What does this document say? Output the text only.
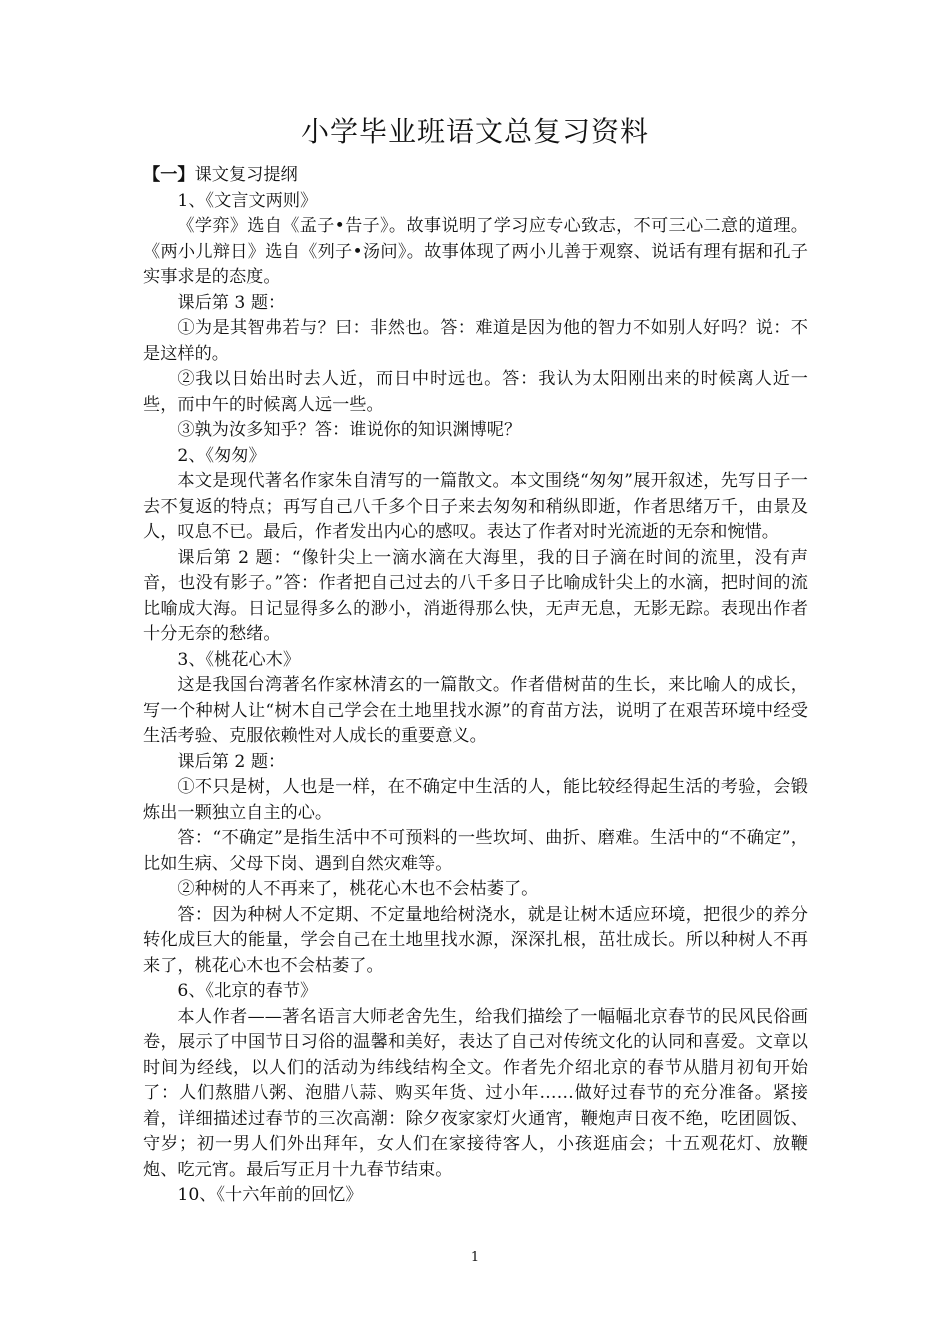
小学毕业班语文总复习资料

【一】课文复习提纲

1、《文言文两则》

《学弈》选自《孟子•告子》。故事说明了学习应专心致志，不可三心二意的道理。《两小儿辩日》选自《列子•汤问》。故事体现了两小儿善于观察、说话有理有据和孔子实事求是的态度。

课后第 3 题：

①为是其智弗若与？曰：非然也。答：难道是因为他的智力不如别人好吗？说：不是这样的。

②我以日始出时去人近，而日中时远也。答：我认为太阳刚出来的时候离人近一些，而中午的时候离人远一些。

③孰为汝多知乎？答：谁说你的知识渊博呢？

2、《匆匆》

本文是现代著名作家朱自清写的一篇散文。本文围绕“匆匆”展开叙述，先写日子一去不复返的特点；再写自己八千多个日子来去匆匆和稍纵即逝，作者思绪万千，由景及人，叹息不已。最后，作者发出内心的感叹。表达了作者对时光流逝的无奈和惋惜。

课后第 2 题：“像针尖上一滴水滴在大海里，我的日子滴在时间的流里，没有声音，也没有影子。”答：作者把自己过去的八千多日子比喻成针尖上的水滴，把时间的流比喻成大海。日记显得多么的渺小，消逝得那么快，无声无息，无影无踪。表现出作者十分无奈的愁绪。

3、《桃花心木》

这是我国台湾著名作家林清玄的一篇散文。作者借树苗的生长，来比喻人的成长，写一个种树人让“树木自己学会在土地里找水源”的育苗方法，说明了在艰苦环境中经受生活考验、克服依赖性对人成长的重要意义。

课后第 2 题：

①不只是树，人也是一样，在不确定中生活的人，能比较经得起生活的考验，会锻炼出一颗独立自主的心。

答：“不确定”是指生活中不可预料的一些坎坷、曲折、磨难。生活中的“不确定”，比如生病、父母下岗、遇到自然灾难等。

②种树的人不再来了，桃花心木也不会枯萎了。

答：因为种树人不定期、不定量地给树浇水，就是让树木适应环境，把很少的养分转化成巨大的能量，学会自己在土地里找水源，深深扎根，茁壮成长。所以种树人不再来了，桃花心木也不会枯萎了。

6、《北京的春节》

本人作者——著名语言大师老舍先生，给我们描绘了一幅幅北京春节的民风民俗画卷，展示了中国节日习俗的温馨和美好，表达了自己对传统文化的认同和喜爱。文章以时间为经线，以人们的活动为纬线结构全文。作者先介绍北京的春节从腊月初旬开始了：人们熬腊八粥、泡腊八蒜、购买年货、过小年……做好过春节的充分准备。紧接着，详细描述过春节的三次高潮：除夕夜家家灯火通宵，鞭炮声日夜不绝，吃团圆饭、守岁；初一男人们外出拜年，女人们在家接待客人，小孩逛庙会；十五观花灯、放鞭炮、吃元宵。最后写正月十九春节结束。

10、《十六年前的回忆》

1
